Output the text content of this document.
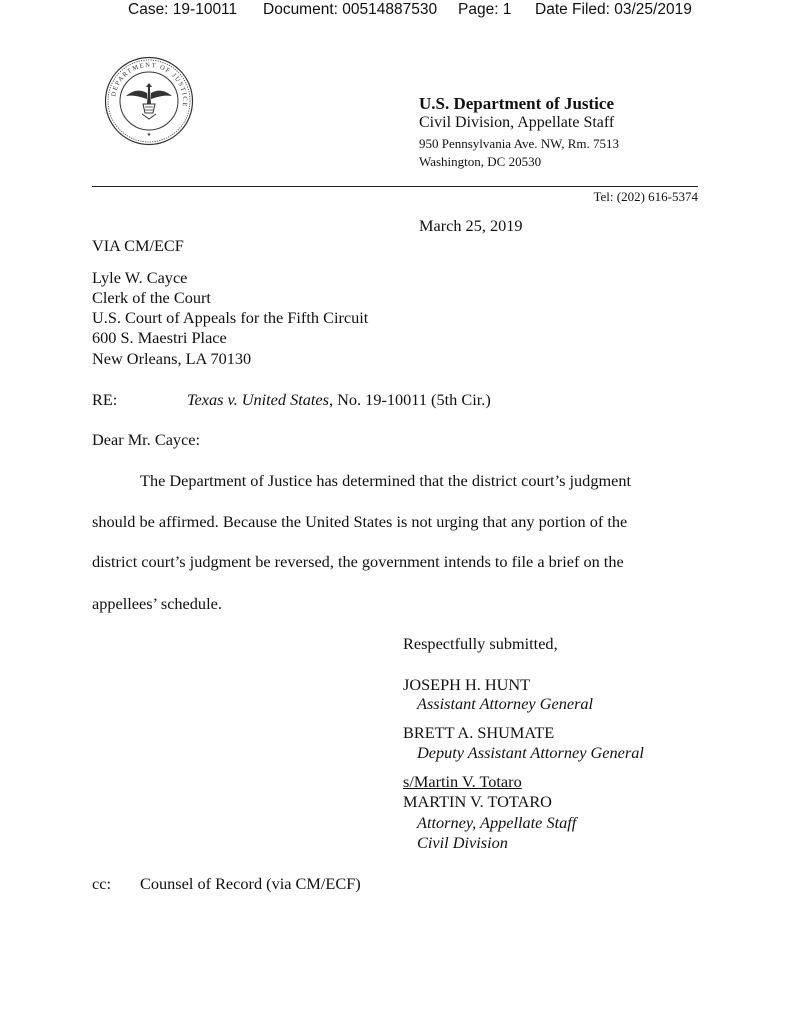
Case: 19-10011 Document: 00514887530 Page: 1 Date Filed: 03/25/2019
DEPARTMENT OF JUSTICE
★
U.S. Department of Justice
Civil Division, Appellate Staff
950 Pennsylvania Ave. NW, Rm. 7513
Washington, DC 20530
Tel: (202) 616-5374
March 25, 2019
VIA CM/ECF
Lyle W. Cayce
Clerk of the Court
U.S. Court of Appeals for the Fifth Circuit
600 S. Maestri Place
New Orleans, LA 70130
RE:	Texas v. United States, No. 19-10011 (5th Cir.)
Dear Mr. Cayce:
The Department of Justice has determined that the district court’s judgment
should be affirmed. Because the United States is not urging that any portion of the
district court’s judgment be reversed, the government intends to file a brief on the
appellees’ schedule.
Respectfully submitted,
JOSEPH H. HUNT
Assistant Attorney General
BRETT A. SHUMATE
Deputy Assistant Attorney General
s/Martin V. Totaro
MARTIN V. TOTARO
Attorney, Appellate Staff
Civil Division
cc: Counsel of Record (via CM/ECF)
